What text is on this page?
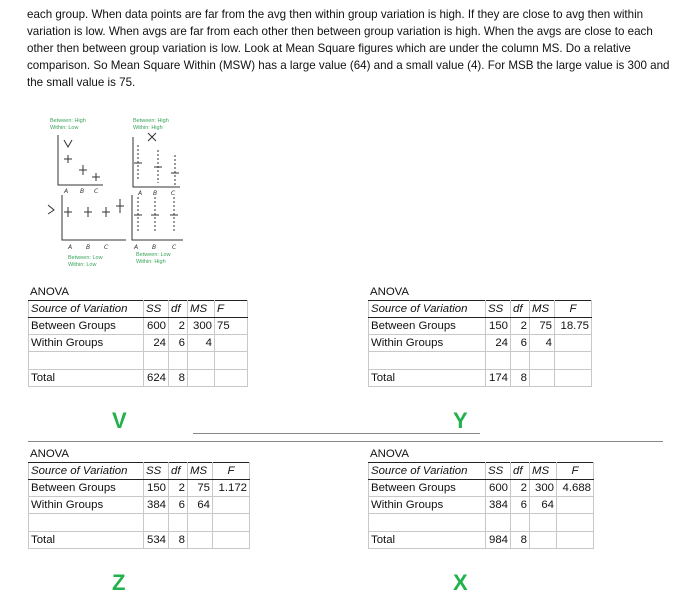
each group. When data points are far from the avg then within group variation is high. If they are close to avg then within variation is low. When avgs are far from each other then between group variation is high. When the avgs are close to each other then between group variation is low. Look at Mean Square figures which are under the column MS. Do a relative comparison. So Mean Square Within (MSW) has a large value (64) and a small value (4). For MSB the large value is 300 and the small value is 75.

Between: High
Within: Low
Between: High
Within: High
Between: Low
Within: Low
Between: Low
Within: High
A B C	A B C
A B C	A B	C
ANOVA
Source of Variation	SS	df	MS	F
Between Groups	600	2	300	75
Within Groups	24	6	4	

Total	624	8		
V
ANOVA
Source of Variation	SS	df	MS	F
Between Groups	150	2	75	18.75
Within Groups	24	6	4	

Total	174	8		
Y
ANOVA
Source of Variation	SS	df	MS	F
Between Groups	150	2	75	1.172
Within Groups	384	6	64	

Total	534	8		
Z
ANOVA
Source of Variation	SS	df	MS	F
Between Groups	600	2	300	4.688
Within Groups	384	6	64	

Total	984	8		
X
